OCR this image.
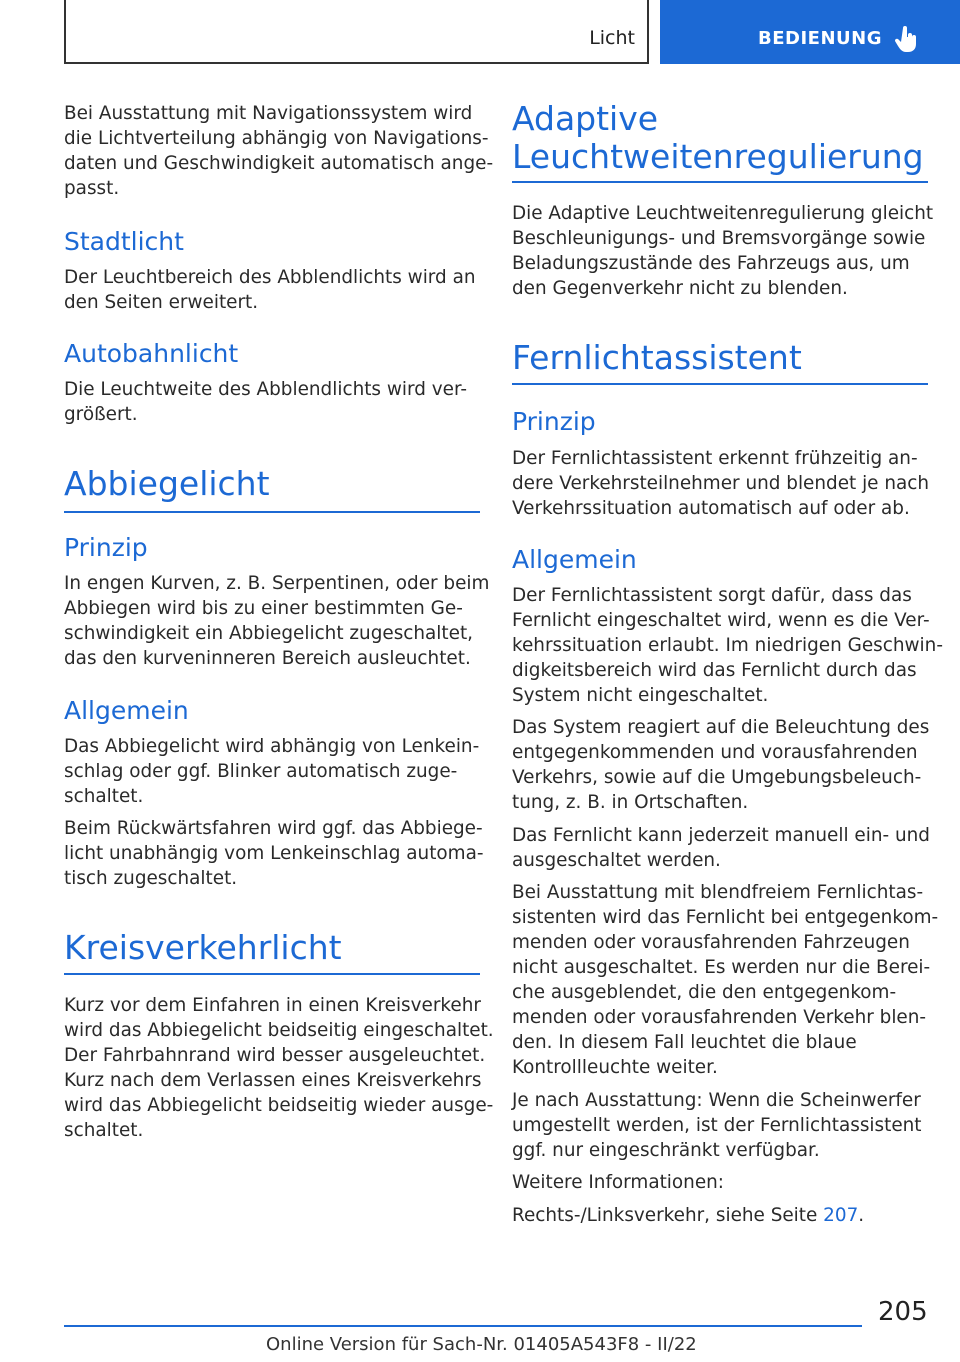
Licht	BEDIENUNG

Bei Ausstattung mit Navigationssystem wird

die Lichtverteilung abhängig von Navigations-

daten und Geschwindigkeit automatisch ange-

passt.

Stadtlicht

Der Leuchtbereich des Abblendlichts wird an

den Seiten erweitert.

Autobahnlicht

Die Leuchtweite des Abblendlichts wird ver-

größert.

Abbiegelicht
Prinzip

In engen Kurven, z. B. Serpentinen, oder beim

Abbiegen wird bis zu einer bestimmten Ge-

schwindigkeit ein Abbiegelicht zugeschaltet,

das den kurveninneren Bereich ausleuchtet.

Allgemein

Das Abbiegelicht wird abhängig von Lenkein-

schlag oder ggf. Blinker automatisch zuge-

schaltet.

Beim Rückwärtsfahren wird ggf. das Abbiege-

licht unabhängig vom Lenkeinschlag automa-

tisch zugeschaltet.

Kreisverkehrlicht

Kurz vor dem Einfahren in einen Kreisverkehr

wird das Abbiegelicht beidseitig eingeschaltet.

Der Fahrbahnrand wird besser ausgeleuchtet.

Kurz nach dem Verlassen eines Kreisverkehrs

wird das Abbiegelicht beidseitig wieder ausge-

schaltet.

Adaptive
Leuchtweitenregulierung

Die Adaptive Leuchtweitenregulierung gleicht

Beschleunigungs- und Bremsvorgänge sowie

Beladungszustände des Fahrzeugs aus, um

den Gegenverkehr nicht zu blenden.

Fernlichtassistent
Prinzip

Der Fernlichtassistent erkennt frühzeitig an-

dere Verkehrsteilnehmer und blendet je nach

Verkehrssituation automatisch auf oder ab.

Allgemein

Der Fernlichtassistent sorgt dafür, dass das

Fernlicht eingeschaltet wird, wenn es die Ver-

kehrssituation erlaubt. Im niedrigen Geschwin-

digkeitsbereich wird das Fernlicht durch das

System nicht eingeschaltet.

Das System reagiert auf die Beleuchtung des

entgegenkommenden und vorausfahrenden

Verkehrs, sowie auf die Umgebungsbeleuch-

tung, z. B. in Ortschaften.

Das Fernlicht kann jederzeit manuell ein- und

ausgeschaltet werden.

Bei Ausstattung mit blendfreiem Fernlichtas-

sistenten wird das Fernlicht bei entgegenkom-

menden oder vorausfahrenden Fahrzeugen

nicht ausgeschaltet. Es werden nur die Berei-

che ausgeblendet, die den entgegenkom-

menden oder vorausfahrenden Verkehr blen-

den. In diesem Fall leuchtet die blaue

Kontrollleuchte weiter.

Je nach Ausstattung: Wenn die Scheinwerfer

umgestellt werden, ist der Fernlichtassistent

ggf. nur eingeschränkt verfügbar.

Weitere Informationen:

Rechts-/Linksverkehr, siehe Seite 207.

205
Online Version für Sach-Nr. 01405A543F8 - II/22
